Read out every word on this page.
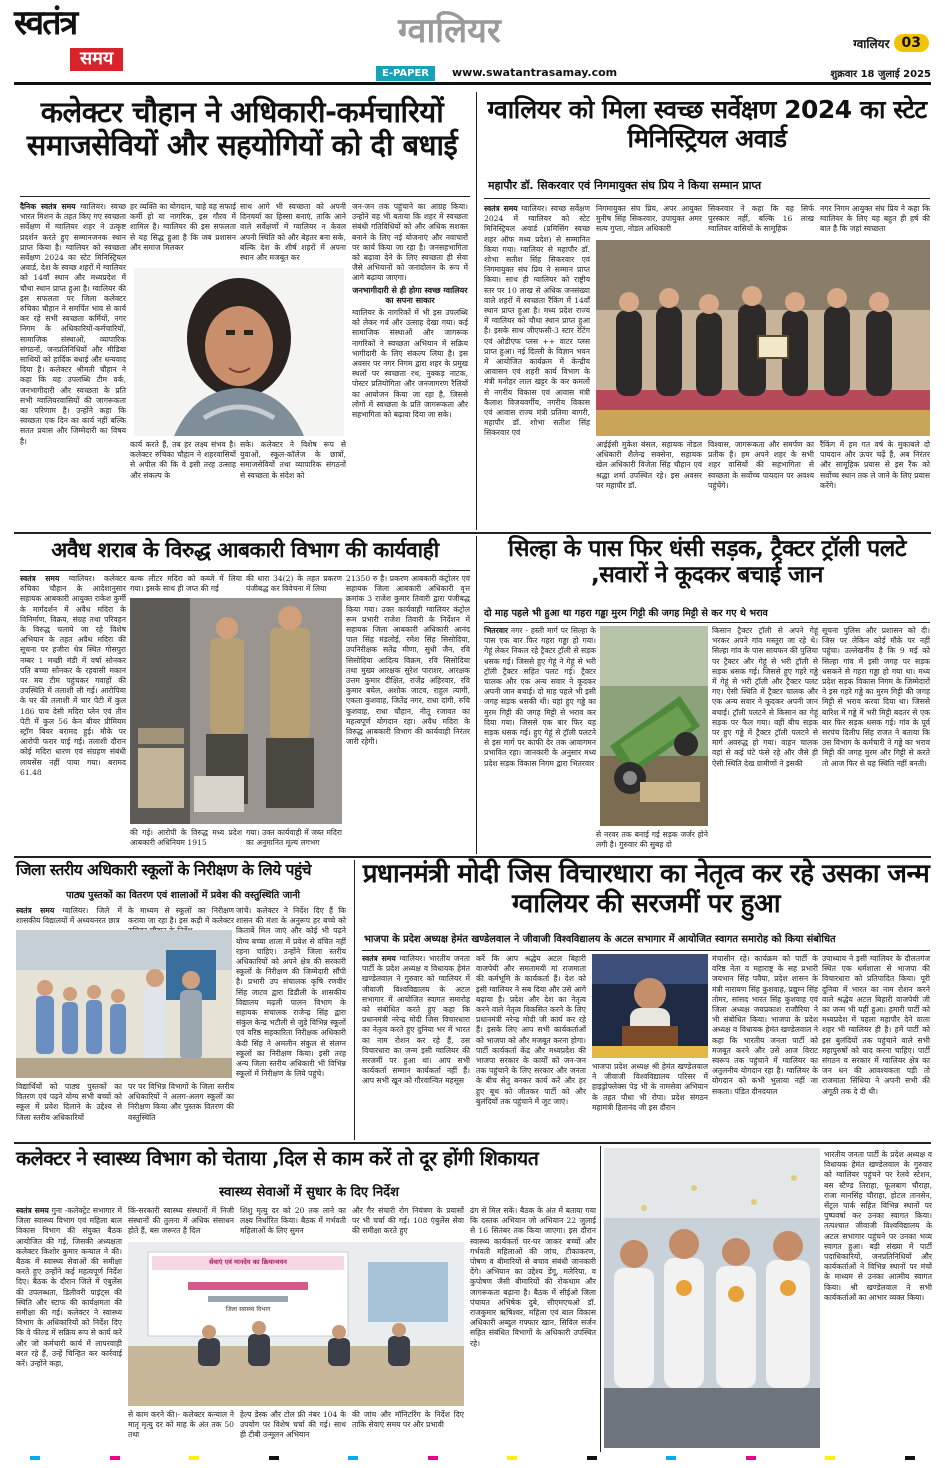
स्वतंत्र
समय
ग्वालियर
E-PAPER	www.swatantrasamay.com
ग्वालियर 03
शुक्रवार 18 जुलाई 2025
कलेक्टर चौहान ने अधिकारी-कर्मचारियों समाजसेवियों और सहयोगियों को दी बधाई
दैनिक स्वतंत्र समय ग्वालियर। स्वच्छ भारत मिशन के तहत किए गए स्वच्छता सर्वेक्षण में ग्वालियर शहर ने उत्कृष्ट प्रदर्शन करते हुए सम्मानजनक स्थान प्राप्त किया है। ग्वालियर को स्वच्छता सर्वेक्षण 2024 का स्टेट मिनिस्ट्रियल अवार्ड, देश के स्वच्छ शहरों में ग्वालियर को 14वाँ स्थान और मध्यप्रदेश में चौथा स्थान प्राप्त हुआ है। ग्वालियर की इस सफलता पर जिला कलेक्टर रुचिका चौहान ने समर्पित भाव से कार्य कर रहे सभी स्वच्छता कर्मियों, नगर निगम के अधिकारियों-कर्मचारियों, सामाजिक संस्थाओं, व्यापारिक संगठनों, जनप्रतिनिधियों और मीडिया साथियों को हार्दिक बधाई और धन्यवाद दिया है। कलेक्टर श्रीमती चौहान ने कहा कि यह उपलब्धि टीम वर्क, जनभागीदारी और स्वच्छता के प्रति सभी ग्वालियरवासियों की जागरूकता का परिणाम है। उन्होंने कहा कि स्वच्छता एक दिन का कार्य नहीं बल्कि सतत प्रयास और जिम्मेदारी का विषय है।
हर व्यक्ति का योगदान, चाहे वह सफाई कर्मी हो या नागरिक, इस गौरव में शामिल है। ग्वालियर की इस सफलता से यह सिद्ध हुआ है कि जब प्रशासन और समाज मिलकर
साथ आगे भी स्वच्छता को अपनी दिनचर्या का हिस्सा बनाएं, ताकि आने वाले सर्वेक्षणों में ग्वालियर न केवल अपनी स्थिति को और बेहतर बना सके, बल्कि देश के शीर्ष शहरों में अपना स्थान और मजबूत कर
कार्य करते हैं, तब हर लक्ष्य संभव है। कलेक्टर रुचिका चौहान ने शहरवासियों से अपील की कि वे इसी तरह उत्साह और संकल्प के
सके। कलेक्टर ने विशेष रूप से युवाओं, स्कूल-कॉलेज के छात्रों, समाजसेवियों तथा व्यापारिक संगठनों से स्वच्छता के संदेश को
जन-जन तक पहुंचाने का आग्रह किया। उन्होंने यह भी बताया कि शहर में स्वच्छता संबंधी गतिविधियों को और अधिक सशक्त बनाने के लिए नई योजनाएं और नवाचारों पर कार्य किया जा रहा है। जनसहभागिता को बढ़ावा देने के लिए स्वच्छता ही सेवा जैसे अभियानों को जनांदोलन के रूप में आगे बढ़ाया जाएगा।
जनभागीदारी से ही होगा स्वच्छ ग्वालियर का सपना साकार
ग्वालियर के नागरिकों में भी इस उपलब्धि को लेकर गर्व और उत्साह देखा गया। कई सामाजिक संस्थाओं और जागरूक नागरिकों ने स्वच्छता अभियान में सक्रिय भागीदारी के लिए संकल्प लिया है। इस अवसर पर नगर निगम द्वारा शहर के प्रमुख स्थलों पर स्वच्छता रथ, नुक्कड़ नाटक, पोस्टर प्रतियोगिता और जनजागरण रैलियों का आयोजन किया जा रहा है, जिससे लोगों में स्वच्छता के प्रति जागरूकता और सहभागिता को बढ़ावा दिया जा सके।
ग्वालियर को मिला स्वच्छ सर्वेक्षण 2024 का स्टेट मिनिस्ट्रियल अवार्ड
महापौर डॉ. सिकरवार एवं निगमायुक्त संघ प्रिय ने किया सम्मान प्राप्त
स्वतंत्र समय ग्वालियर। स्वच्छ सर्वेक्षण 2024 में ग्वालियर को स्टेट मिनिस्ट्रियल अवार्ड (प्रमिसिंग स्वच्छ शहर ऑफ मध्य प्रदेश) से सम्मानित किया गया। ग्वालियर से महापौर डॉ. शोभा सतीश सिंह सिकरवार एवं निगमायुक्त संघ प्रिय ने सम्मान प्राप्त किया। साथ ही ग्वालियर को राष्ट्रीय स्तर पर 10 लाख से अधिक जनसंख्या वाले शहरों में स्वच्छता रैंकिंग में 14वाँ स्थान प्राप्त हुआ है। मध्य प्रदेश राज्य में ग्वालियर को चौथा स्थान प्राप्त हुआ है। इसके साथ जीएफसी-3 स्टार रेटिंग एवं ओडीएफ प्लस ++ वाटर प्लस प्राप्त हुआ। नई दिल्ली के विज्ञान भवन में आयोजित कार्यक्रम में केन्द्रीय आवासन एवं शहरी कार्य विभाग के मंत्री मनोहर लाल खट्टर के कर कमलों से नगरीय विकास एवं आवास मंत्री कैलाश विजयवर्गीय, नगरीय विकास एवं आवास राज्य मंत्री प्रतिमा बागरी, महापौर डॉ. शोभा सतीश सिंह सिकरवार एवं
निगमायुक्त संघ प्रिय, अपर आयुक्त मुनीष सिंह सिकरवार, उपायुक्त अमर सत्य गुप्ता, नोडल अधिकारी
सिकरवार ने कहा कि यह सिर्फ पुरस्कार नहीं, बल्कि 16 लाख ग्वालियर वासियों के सामूहिक
नगर निगम आयुक्त संघ प्रिय ने कहा कि ग्वालियर के लिए यह बहुत ही हर्ष की बात है कि जहां स्वच्छता
आईईसी मुकेश बंसल, सहायक नोडल अधिकारी शैलेन्द्र सक्सेना, सहायक खेल अधिकारी विजेता सिंह चौहान एवं श्रद्धा शर्मा उपस्थित रहे। इस अवसर पर महापौर डॉ.
विश्वास, जागरूकता और समर्पण का प्रतीक है। हम अपने शहर के सभी शहर वासियों की सहभागिता से स्वच्छता के सर्वोच्च पायदान पर अवश्य पहुंचेंगे।
रैंकिंग में हम गत वर्ष के मुकाबले दो पायदान और ऊपर चढ़ें हैं, अब निरंतर और सामूहिक प्रयास से इस रैंक को सर्वोच्च स्थान तक ले जाने के लिए प्रयास करेंगे।
अवैध शराब के विरुद्ध आबकारी विभाग की कार्यवाही
स्वतंत्र समय ग्वालियर। कलेक्टर रुचिका चौहान के आदेशानुसार सहायक आबकारी आयुक्त राकेश कुर्मी के मार्गदर्शन में अवैध मदिरा के विनिर्माण, विक्रय, संग्रह तथा परिवहन के विरुद्ध चलाये जा रहे विशेष अभियान के तहत अवैध मदिरा की सूचना पर हजीरा थेत्र स्थित गोसपुरा नम्बर 1 मच्छी मंडी में वर्षा सोनकर पति बच्चा सोनकर के रहवासी मकान पर मय टीम पहुंचकर गवाहों की उपस्थिति में तलाशी ली गई। आरोपिया के घर की तलाशी में चार पेटी में कुल 186 पाव देसी मदिरा प्लेन एवं तीन पेटी में कुल 56 केन बीयर प्रीमियम स्ट्रॉग बियर बरामद हुई। मौके पर आरोपी फरार पाई गई। तलाशी दौरान कोई मदिरा धारण एवं संग्रहण संबंधी लायसेंस नहीं पाया गया। बरामद 61.48
बल्क लीटर मदिरा को कब्जे में लिया गया। इसके साथ ही जप्त की गई
की धारा 34(2) के तहत प्रकरण पंजीबद्ध कर विवेचना में लिया
की गई। आरोपी के विरुद्ध मध्य प्रदेश आबकारी अधिनियम 1915
गया। उक्त कार्यवाही में जब्त मदिरा का अनुमानित मूल्य लगभग
21350 रु है। प्रकरण आबकारी कंट्रोलर एवं सहायक जिला आबकारी अधिकारी वृत्त क्रमांक 3 राजेश कुमार तिवारी द्वारा पंजीबद्ध किया गया। उक्त कार्यवाही ग्वालियर कंट्रोल रूम प्रभारी राजेश तिवारी के निर्देशन में सहायक जिला आबकारी अधिकारी आनंद पाल सिंह मंडलोई, रमेश सिंह सिसोदिया, उपनिरीक्षक सतेंद्र मीणा, सुधी जैन, रवि सिसोदिया आदित्य विक्रम, रवि सिसोदिया तथा मुख्य आरक्षक सुरेश पाराशर, आरक्षक उत्तम कुमार दीक्षित, राजेंद्र अहिरवार, रवि कुमार बघेल, अशोक जाटव, राहुल त्यागी, एकता कुशवाह, जितेंद्र नगर, राधा दांगी, रुचि कुशवाह, राधा चौहान, नीतू रजावत का महत्वपूर्ण योगदान रहा। अवैध मदिरा के विरुद्ध आबकारी विभाग की कार्यवाही निरंतर जारी रहेगी।
सिल्हा के पास फिर धंसी सड़क, ट्रैक्टर ट्रॉली पलटे ,सवारों ने कूदकर बचाई जान
दो माह पहले भी हुआ था गहरा गड्ढा मुरम गिट्टी की जगह मिट्टी से कर गए थे भराव
भितरवार नगर - हस्ती मार्ग पर सिल्हा के पास एक बार फिर गहरा गड्ढा हो गया। गेहूं लेकर निकल रहे ट्रैक्टर ट्रॉली से सड़क धसक गई। जिससे हुए गेहूं ने गेहूं से भरी ट्रॉली ट्रैक्टर सहित पलट गई। ट्रैक्टर चालक और एक अन्य सवार ने कूदकर अपनी जान बचाई। दो माह पहले भी इसी जगह सड़क धसकी थी। यहां हुए गड्ढे का मुरम गिट्टी की जगह मिट्टी से भराव कर दिया गया। जिससे एक बार फिर यह सड़क धसक गई। हुए गेहूं से ट्रॉली पलटने से इस मार्ग पर काफी देर तक आवागमन प्रभावित रहा। जानकारी के अनुसार मध्य प्रदेश सड़क विकास निगम द्वारा भितरवार
से नरवर तक बनाई गई सड़क जर्जर होने लगी है। गुरुवार की सुबह दो
किसान ट्रैक्टर ट्रॉली से अपने गेहूं भरकर अपने गांव मस्तूरा जा रहे थे। सिल्हा गांव के पास सायफन की पुलिया पर ट्रैक्टर और गेहूं से भरी ट्रॉली से सड़क धसक गई। जिससे हुए गहरे गड्ढे में गेहूं से भरी ट्रॉली और ट्रैक्टर पलट गए। ऐसी स्थिति में ट्रैक्टर चालक और एक अन्य सवार ने कूदकर अपनी जान बचाई। ट्रॉली पलटने से किसान का गेहूं सड़क पर फैल गया। वहीं बीच सड़क पर हुए गड्ढे में ट्रैक्टर ट्रॉली पलटने से मार्ग अवरुद्ध हो गया। वाहन चालक वहां से कई घंटे फंसे रहे और जैसे ही ऐसी स्थिति देख ग्रामीणों ने इसकी
सूचना पुलिस और प्रशासन को दी। जिस पर लेकिन कोई मौके पर नहीं पहुंचा। उल्लेखनीय है कि 9 मई को सिल्हा गांव में इसी जगह पर सड़क धसकने से गहरा गड्ढा हो गया था। मध्य प्रदेश सड़क विकास निगम के जिम्मेदारों ने इस गहरे गड्ढे का मुरम गिट्टी की जगह मिट्टी से भराव करवा दिया था। जिससे बारिश में गड्ढे में भरी मिट्टी बदतर से एक बार फिर सड़क धसक गई। गांव के पूर्व सरपंच दिलीप सिंह राजत ने बताया कि उस विभाग के कर्मचारी ने गड्ढे का भराव मिट्टी की जगह मुरम और गिट्टी से करते तो आज फिर से यह स्थिति नहीं बनती।
जिला स्तरीय अधिकारी स्कूलों के निरीक्षण के लिये पहुंचे
पाठ्य पुस्तकों का वितरण एवं शालाओं में प्रवेश की वस्तुस्थिति जानी
स्वतंत्र समय ग्वालियर। जिले में शासकीय विद्यालयों में अध्ययनरत छात्र
के माध्यम से स्कूलों का निरीक्षण कराया जा रहा है। इस कड़ी में कलेक्टर
जांचें। कलेक्टर ने निर्देश दिए हैं कि शासन की मंशा के अनुरूप हर बच्चे को किताबें मिल जाएं और कोई भी पढ़ने योग्य बच्चा शाला में प्रवेश से वंचित नहीं रहना चाहिए। उन्होंने जिला स्तरीय अधिकारियों को अपने क्षेत्र की सरकारी स्कूलों के निरीक्षण की जिम्मेदारी सौंपी है। प्रभारी उप संचालक कृषि रणवीर सिंह जाटव द्वारा डिडौली के शासकीय विद्यालय मढ़ली पालन विभाग के सहायक संचालक राजेन्द्र सिंह द्वारा संकुल केन्द्र भटौली से जुड़े विभिन्न स्कूलों एवं वरिष्ठ सहकारिता निरीक्षक अधिकारी केदी सिंह ने अमलीन संकुल से संलग्न स्कूलों का निरीक्षण किया। इसी तरह अन्य जिला स्तरीय अधिकारी भी विभिन्न स्कूलों में निरीक्षण के लिये पहुंचे।
विद्यार्थियों को पाठ्य पुस्तकों का वितरण एवं पढ़ने योग्य सभी बच्चों को स्कूल में प्रवेश दिलाने के उद्देश्य से जिला स्तरीय अधिकारियों
पर पर विभिन्न विभागों के जिला स्तरीय अधिकारियों ने अलग-अलग स्कूलों का निरीक्षण किया और पुस्तक वितरण की वस्तुस्थिति
प्रधानमंत्री मोदी जिस विचारधारा का नेतृत्व कर रहे उसका जन्म ग्वालियर की सरजमीं पर हुआ
भाजपा के प्रदेश अध्यक्ष हेमंत खण्डेलवाल ने जीवाजी विश्वविद्यालय के अटल सभागार में आयोजित स्वागत समारोह को किया संबोधित
स्वतंत्र समय ग्वालियर। भारतीय जनता पार्टी के प्रदेश अध्यक्ष व विधायक हेमंत खण्डेलवाल ने गुरुवार को ग्वालियर में जीवाजी विश्वविद्यालय के अटल सभागार में आयोजित स्वागत समारोह को संबोधित करते हुए कहा कि प्रधानमंत्री नरेन्द्र मोदी जिस विचारधारा का नेतृत्व करते हुए दुनिया भर में भारत का नाम रोशन कर रहे हैं, उस विचारधारा का जन्म इसी ग्वालियर की सरजमीं पर हुआ था। आप सभी कार्यकर्ता सम्मान कार्यकर्ता नहीं हैं। आप सभी खून को गौरवान्वित महसूस
करें कि आप श्रद्धेय अटल बिहारी वाजपेयी और समतामयी मां राजमाता की कर्मभूमि के कार्यकर्ता हैं। देश को इसी ग्वालियर ने सब दिया और उसे आगे बढ़ाया है। प्रदेश और देश का नेतृत्व करने वाले नेतृत्व विकसित करने के लिए प्रधानमंत्री नरेन्द्र मोदी जी कार्य कर रहे हैं। इसके लिए आप सभी कार्यकर्ताओं को भाजपा को और मजबूत करना होगा। पार्टी कार्यकर्ता केंद्र और मध्यप्रदेश की भाजपा सरकार के कार्यों को जन-जन तक पहुंचाने के लिए सरकार और जनता के बीच सेतु बनकर कार्य करें और हर हुए बूथ को जीतकर पार्टी को और बुलंदियों तक पहुंचाने में जुट जाएं।
भाजपा प्रदेश अध्यक्ष श्री हेमंत खण्डेलवाल ने जीवाजी विश्वविद्यालय परिसर में हाइड्रोफ्लेक्स पेड़ भी के नामसेवा अभियान के तहत पौधा भी रोपा। प्रदेश संगठन महामंत्री हितानंद जी इस दौरान
मंचासीन रहे। कार्यक्रम को पार्टी के वरिष्ठ नेता व महाराष्ट्र के सह प्रभारी जयभान सिंह पवैया, प्रदेश शासन के मंत्री नारायण सिंह कुशवाह, प्रद्युम्न सिंह तोमर, सांसद भारत सिंह कुशवाह एवं जिला अध्यक्ष जयप्रकाश राजौरिया ने भी संबोधित किया। भाजपा के प्रदेश अध्यक्ष व विधायक हेमंत खण्डेलवाल ने कहा कि भारतीय जनता पार्टी को मजबूत करने और उसे आज विराट स्वरूप तक पहुंचाने में ग्वालियर का अतुलनीय योगदान रहा है। ग्वालियर के योगदान को कभी भुलाया नहीं जा सकता। पंडित दीनदयाल
उपाध्याय ने इसी ग्वालियर के दौलतगंज स्थित एक धर्मशाला से भाजपा की विचारधारा को प्रतिपादित किया। पूरी दुनिया में भारत का नाम रोशन करने वाले श्रद्धेय अटल बिहारी वाजपेयी जी का जन्म भी यहीं हुआ। हमारी पार्टी को मध्यप्रदेश में पहला महापौर देने वाला शहर भी ग्वालियर ही है। हमें पार्टी को इस बुलंदियों तक पहुंचाने वाले सभी महापुरुषों को याद करना चाहिए। पार्टी संगठन व सरकार में ग्वालियर क्षेत्र का जन धन की आवश्यकता पड़ी तो राजमाता सिंधिया ने अपनी सभी की अंगूठी तक दे दी थी।
कलेक्टर ने स्वास्थ्य विभाग को चेताया ,दिल से काम करें तो दूर होंगी शिकायत
स्वास्थ्य सेवाओं में सुधार के दिए निर्देश
स्वतंत्र समय गुना -कलेक्ट्रेट सभागार में जिला स्वास्थ्य विभाग एवं महिला बाल विकास विभाग की संयुक्त बैठक आयोजित की गई, जिसकी अध्यक्षता कलेक्टर किशोर कुमार कन्याल ने की। बैठक में स्वास्थ्य सेवाओं की समीक्षा करते हुए उन्होंने कई महत्वपूर्ण निर्देश दिए। बैठक के दौरान जिले में एंबुलेंस की उपलब्धता, डिलीवरी पाइंट्स की स्थिति और स्टाफ की कार्यक्षमता की समीक्षा की गई। कलेक्टर ने स्वास्थ्य विभाग के अधिकारियों को निर्देश दिए कि वे फील्ड में सक्रिय रूप से कार्य करें और जो कर्मचारी कार्य में लापरवाही बरत रहे हैं, उन्हें चिन्हित कर कार्रवाई करें। उन्होंने कहा,
किं-सरकारी स्वास्थ्य संस्थानों में निजी संस्थानों की तुलना में अधिक संसाधन होते हैं, बस जरूरत है दिल
शिशु मृत्यु दर को 20 तक लाने का लक्ष्य निर्धारित किया। बैठक में गर्भवती महिलाओं के लिए सुमन
और गैर संचारी रोग नियंत्रण के प्रयासों पर भी चर्चा की गई। 108 एंबुलेंस सेवा की समीक्षा करते हुए
सेवाएं एवं मानदेय का क्रियान्वयन
जिला स्वास्थ्य विभाग
से काम करने की।- कलेक्टर कन्याल ने मातृ मृत्यु दर को माह के अंत तक 50 तथा
हेल्प डेस्क और टोल फ्री नंबर 104 के उपयोग पर विशेष चर्चा की गई। साथ ही टीबी उन्मूलन अभियान
की जांच और मॉनिटरिंग के निर्देश दिए ताकि सेवाएं समय पर और प्रभावी
ढंग से मिल सकें। बैठक के अंत में बताया गया कि दस्तक अभियान जो अभियान 22 जुलाई से 16 सितंबर तक किया जाएगा। इस दौरान स्वास्थ्य कार्यकर्ता घर-घर जाकर बच्चों और गर्भवती महिलाओं की जांच, टीकाकरण, पोषण व बीमारियों से बचाव संबंधी जानकारी देंगे। अभियान का उद्देश्य डेंगू, मलेरिया, व कुपोषण जैसी बीमारियों की रोकथाम और जागरूकता बढ़ाना है। बैठक में सीईओ जिला पंचायत अभिषेक दुबे, सीएमएचओ डॉ. राजकुमार ऋषिश्वर, महिला एवं बाल विकास अधिकारी अब्दुल गफ्फार खान, सिविल सर्जन सहित संबंधित विभागों के अधिकारी उपस्थित रहे।
भारतीय जनता पार्टी के प्रदेश अध्यक्ष व विधायक हेमंत खण्डेलवाल के गुरुवार को ग्वालियर पहुंचने पर रेलवे स्टेशन, बस स्टैण्ड तिराहा, फूलबाग चौराहा, राजा मानसिंह चौराहा, होटल तानसेन, सेंट्रल पार्क सहित विभिन्न स्थानों पर पुष्पवर्षा कर उनका स्वागत किया। तत्पश्चात जीवाजी विश्वविद्यालय के अटल सभागार पहुंचने पर उनका भव्य स्वागत हुआ। बड़ी संख्या में पार्टी पदाधिकारियों, जनप्रतिनिधियों और कार्यकर्ताओं ने विभिन्न स्थानों पर मंचों के माध्यम से उनका आत्मीय स्वागत किया। श्री खण्डेलवाल ने सभी कार्यकर्ताओं का आभार व्यक्त किया।
